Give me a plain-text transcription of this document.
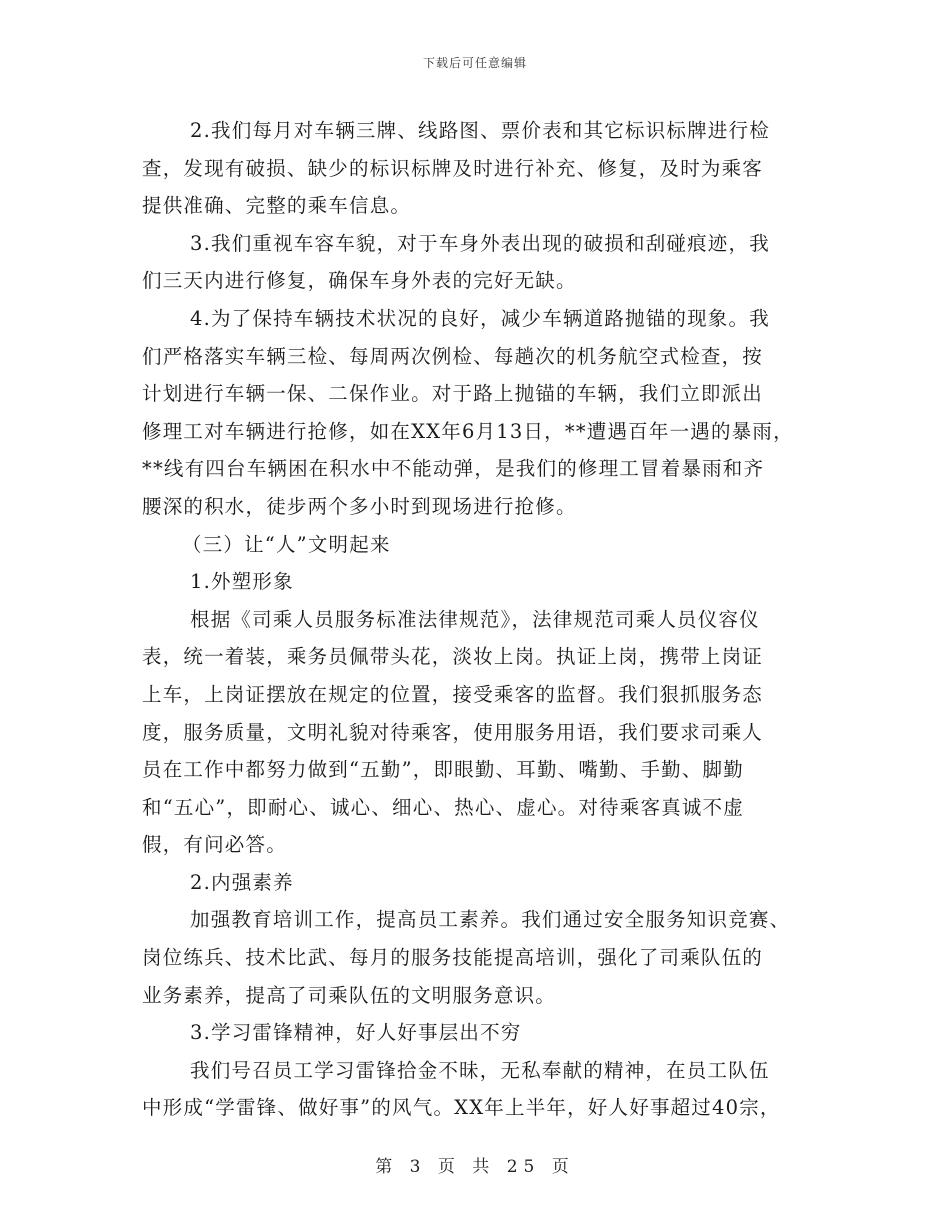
下载后可任意编辑
2.我们每月对车辆三牌、线路图、票价表和其它标识标牌进行检
查，发现有破损、缺少的标识标牌及时进行补充、修复，及时为乘客
提供准确、完整的乘车信息。
3.我们重视车容车貌，对于车身外表出现的破损和刮碰痕迹，我
们三天内进行修复，确保车身外表的完好无缺。
4.为了保持车辆技术状况的良好，减少车辆道路抛锚的现象。我
们严格落实车辆三检、每周两次例检、每趟次的机务航空式检查，按
计划进行车辆一保、二保作业。对于路上抛锚的车辆，我们立即派出
修理工对车辆进行抢修，如在XX年6月13日，**遭遇百年一遇的暴雨，
**线有四台车辆困在积水中不能动弹，是我们的修理工冒着暴雨和齐
腰深的积水，徒步两个多小时到现场进行抢修。
（三）让“人”文明起来
1.外塑形象
根据《司乘人员服务标准法律规范》，法律规范司乘人员仪容仪
表，统一着装，乘务员佩带头花，淡妆上岗。执证上岗，携带上岗证
上车，上岗证摆放在规定的位置，接受乘客的监督。我们狠抓服务态
度，服务质量，文明礼貌对待乘客，使用服务用语，我们要求司乘人
员在工作中都努力做到“五勤”，即眼勤、耳勤、嘴勤、手勤、脚勤
和“五心”，即耐心、诚心、细心、热心、虚心。对待乘客真诚不虚
假，有问必答。
2.内强素养
加强教育培训工作，提高员工素养。我们通过安全服务知识竞赛、
岗位练兵、技术比武、每月的服务技能提高培训，强化了司乘队伍的
业务素养，提高了司乘队伍的文明服务意识。
3.学习雷锋精神，好人好事层出不穷
我们号召员工学习雷锋拾金不昧，无私奉献的精神，在员工队伍
中形成“学雷锋、做好事”的风气。XX年上半年，好人好事超过40宗，
第 3 页 共 25 页
